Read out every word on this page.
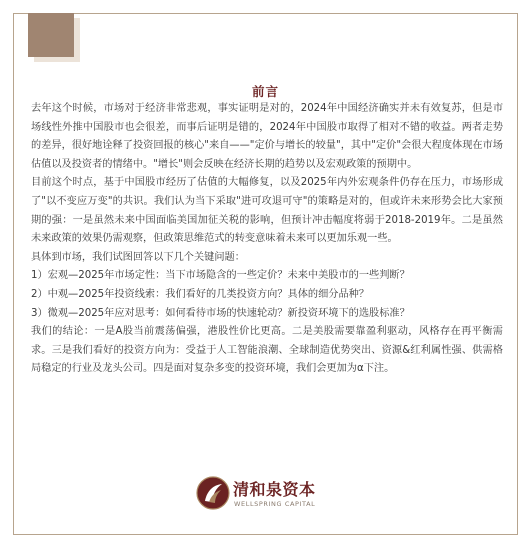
前言

去年这个时候，市场对于经济非常悲观，事实证明是对的，2024年中国经济确实并未有效复苏，但是市场线性外推中国股市也会很差，而事后证明是错的，2024年中国股市取得了相对不错的收益。两者走势的差异，很好地诠释了投资回报的核心"来自——"定价与增长的较量"，其中"定价"会很大程度体现在市场估值以及投资者的情绪中。"增长"则会反映在经济长期的趋势以及宏观政策的预期中。

目前这个时点，基于中国股市经历了估值的大幅修复，以及2025年内外宏观条件仍存在压力，市场形成了"以不变应万变"的共识。我们认为当下采取"进可攻退可守"的策略是对的，但或许未来形势会比大家预期的强：一是虽然未来中国面临美国加征关税的影响，但预计冲击幅度将弱于2018-2019年。二是虽然未来政策的效果仍需观察，但政策思维范式的转变意味着未来可以更加乐观一些。

具体到市场，我们试图回答以下几个关键问题：

1）宏观—2025年市场定性：当下市场隐含的一些定价？未来中美股市的一些判断？

2）中观—2025年投资线索：我们看好的几类投资方向？具体的细分品种？

3）微观—2025年应对思考：如何看待市场的快速轮动？新投资环境下的选股标准？

我们的结论：一是A股当前震荡偏强，港股性价比更高。二是美股需要靠盈利驱动，风格存在再平衡需求。三是我们看好的投资方向为：受益于人工智能浪潮、全球制造优势突出、资源&红利属性强、供需格局稳定的行业及龙头公司。四是面对复杂多变的投资环境，我们会更加为α下注。

清和泉资本
WELLSPRING CAPITAL
